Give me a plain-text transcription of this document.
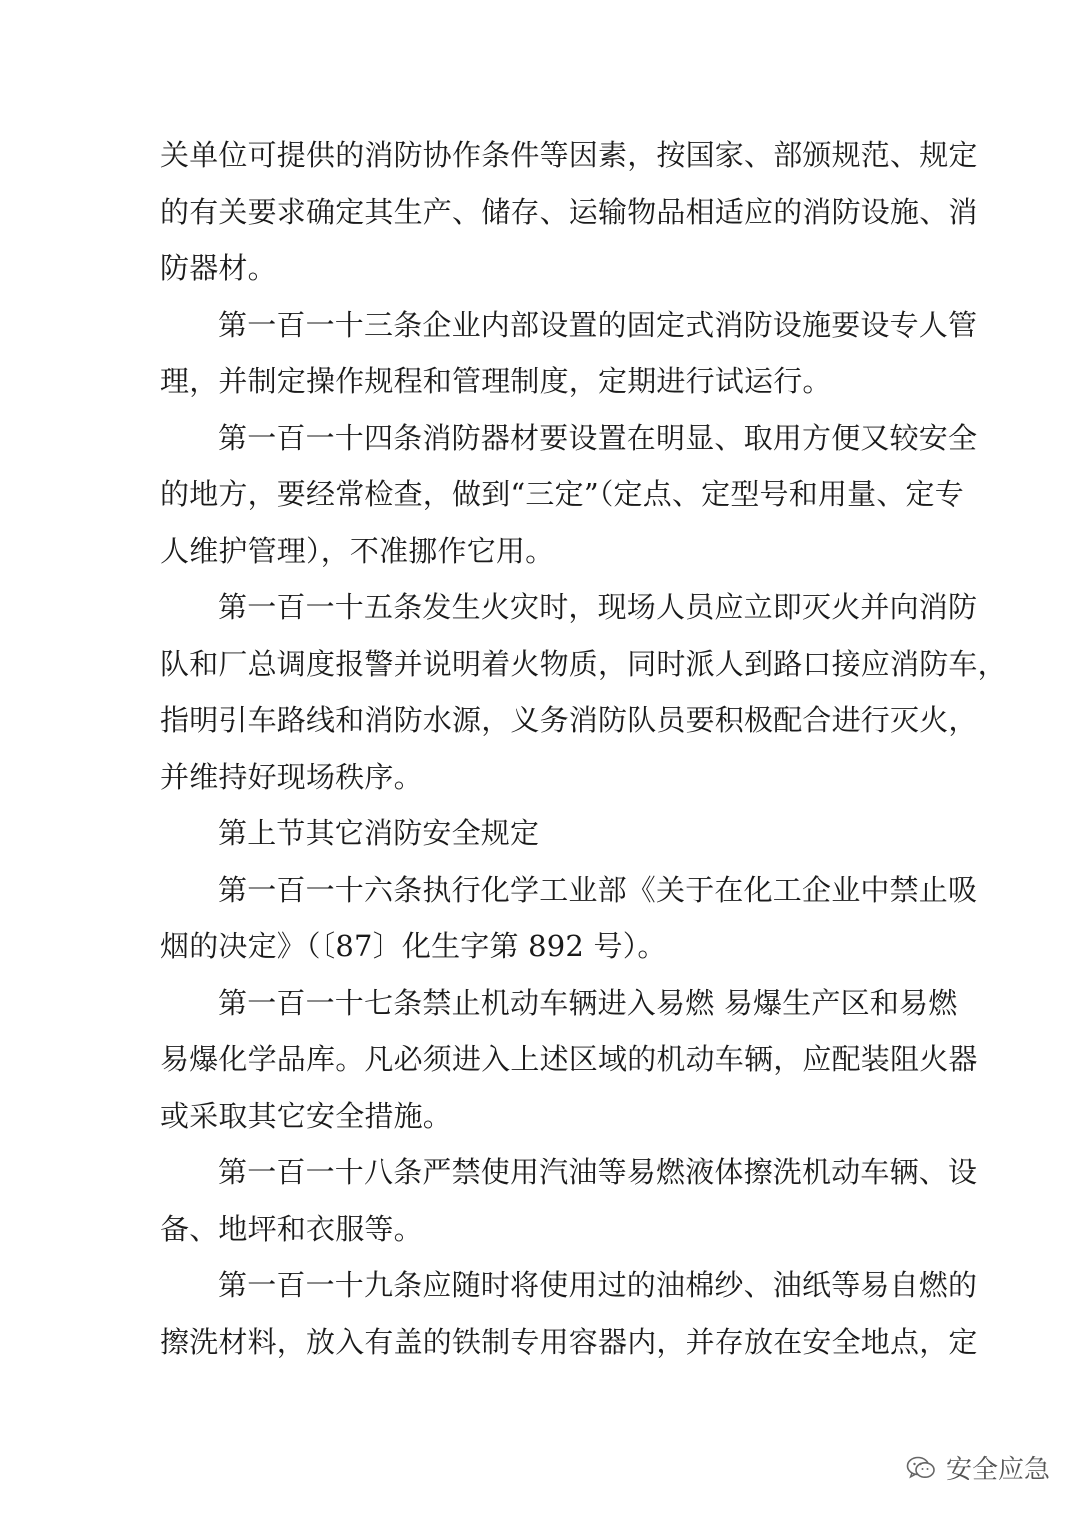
关单位可提供的消防协作条件等因素，按国家、部颁规范、规定
的有关要求确定其生产、储存、运输物品相适应的消防设施、消
防器材。
第一百一十三条企业内部设置的固定式消防设施要设专人管
理，并制定操作规程和管理制度，定期进行试运行。
第一百一十四条消防器材要设置在明显、取用方便又较安全
的地方，要经常检查，做到“三定”（定点、定型号和用量、定专
人维护管理），不准挪作它用。
第一百一十五条发生火灾时，现场人员应立即灭火并向消防
队和厂总调度报警并说明着火物质，同时派人到路口接应消防车，
指明引车路线和消防水源，义务消防队员要积极配合进行灭火，
并维持好现场秩序。
第上节其它消防安全规定
第一百一十六条执行化学工业部《关于在化工企业中禁止吸
烟的决定》（〔87〕化生字第 892 号）。
第一百一十七条禁止机动车辆进入易燃 易爆生产区和易燃
易爆化学品库。凡必须进入上述区域的机动车辆，应配装阻火器
或采取其它安全措施。
第一百一十八条严禁使用汽油等易燃液体擦洗机动车辆、设
备、地坪和衣服等。
第一百一十九条应随时将使用过的油棉纱、油纸等易自燃的
擦洗材料，放入有盖的铁制专用容器内，并存放在安全地点，定
安全应急
